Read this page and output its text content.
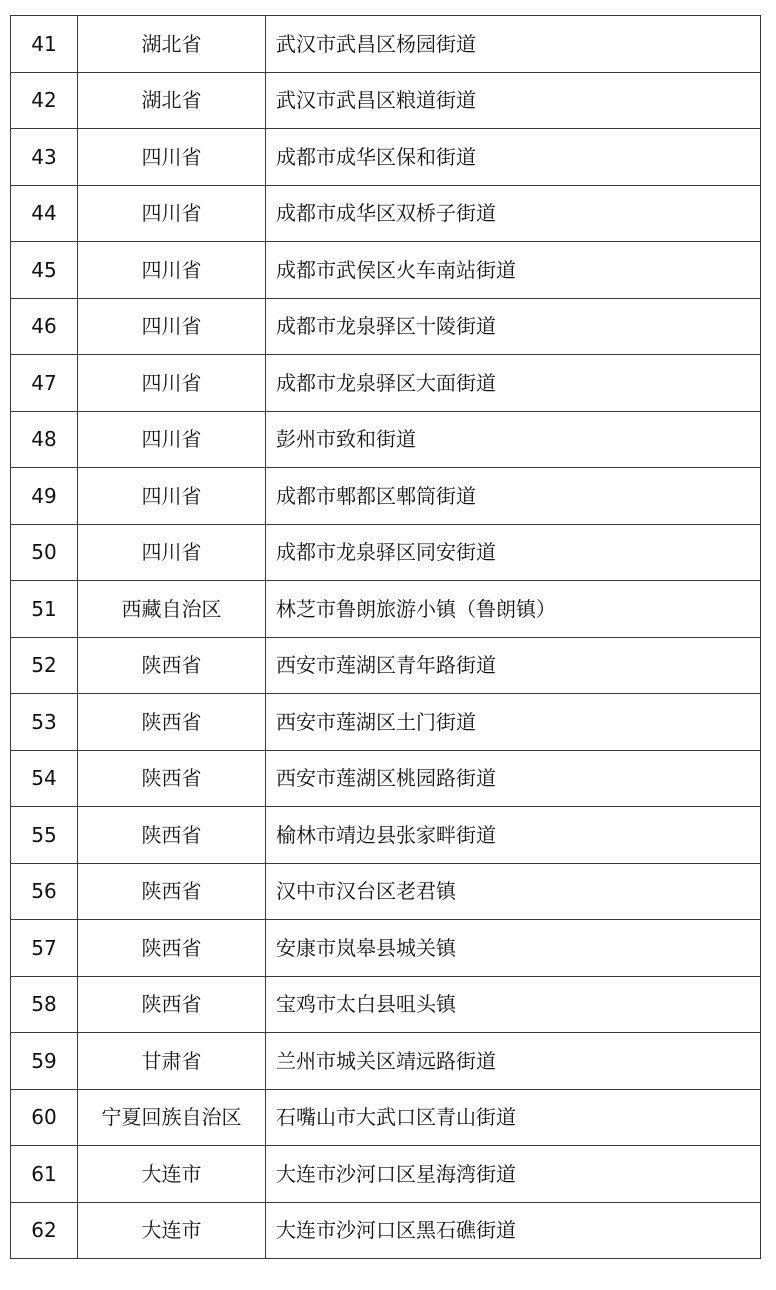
41	湖北省	武汉市武昌区杨园街道
42	湖北省	武汉市武昌区粮道街道
43	四川省	成都市成华区保和街道
44	四川省	成都市成华区双桥子街道
45	四川省	成都市武侯区火车南站街道
46	四川省	成都市龙泉驿区十陵街道
47	四川省	成都市龙泉驿区大面街道
48	四川省	彭州市致和街道
49	四川省	成都市郫都区郫筒街道
50	四川省	成都市龙泉驿区同安街道
51	西藏自治区	林芝市鲁朗旅游小镇（鲁朗镇）
52	陕西省	西安市莲湖区青年路街道
53	陕西省	西安市莲湖区土门街道
54	陕西省	西安市莲湖区桃园路街道
55	陕西省	榆林市靖边县张家畔街道
56	陕西省	汉中市汉台区老君镇
57	陕西省	安康市岚皋县城关镇
58	陕西省	宝鸡市太白县咀头镇
59	甘肃省	兰州市城关区靖远路街道
60	宁夏回族自治区	石嘴山市大武口区青山街道
61	大连市	大连市沙河口区星海湾街道
62	大连市	大连市沙河口区黑石礁街道
